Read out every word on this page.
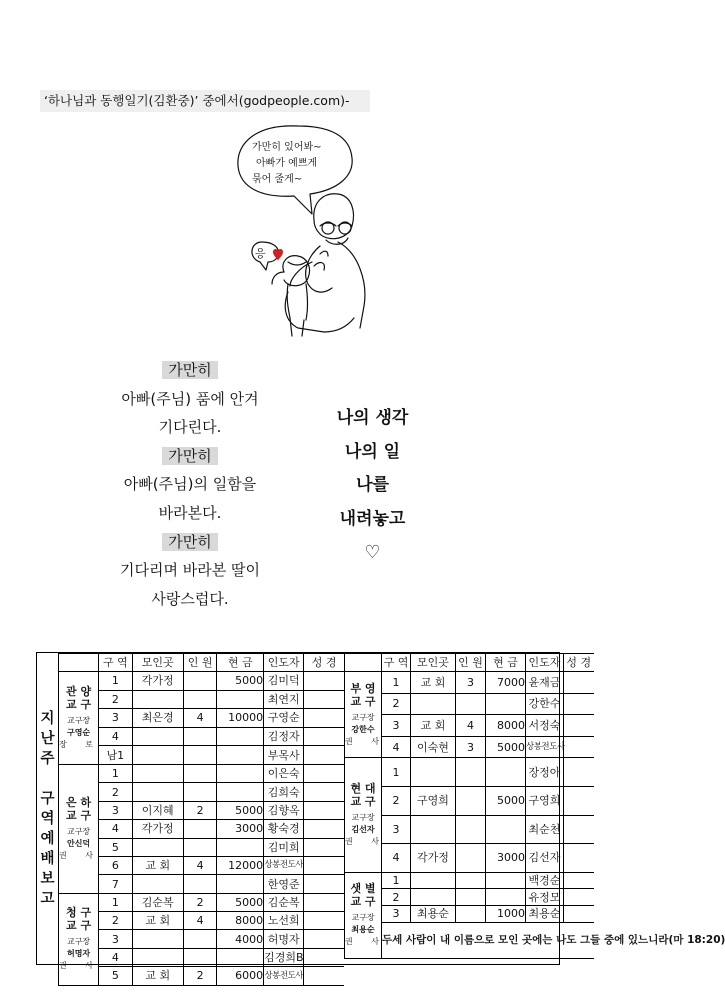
‘하나님과 동행일기(김환중)’ 중에서(godpeople.com)-
가만히 있어봐~
아빠가 예쁘게
묶어 줄게~
응
가만히
아빠(주님) 품에 안겨
기다린다.
가만히
아빠(주님)의 일함을
바라본다.
가만히
기다리며 바라본 딸이
사랑스럽다.
나의 생각
나의 일
나를
내려놓고
♡
지
난
주
구
역
예
배
보
고
	구 역	모인곳	인 원	현 금	인도자	성 경

관 양
교 구
교구장
구영순
장 로	1	각가정		5000	김미덕	
	2				최연지	
	3	최은경	4	10000	구영순	
	4				김정자	
	남1				부목사	

은 하
교 구
교구장
안신덕
권 사	1				이은숙	
	2				김희숙	
	3	이지혜	2	5000	김향옥	
	4	각가정		3000	황숙경	
	5				김미희	
	6	교 회	4	12000	상봉전도사	
	7				한영준	

청 구
교 구
교구장
허명자
권 사	1	김순복	2	5000	김순복	
	2	교 회	4	8000	노선희	
	3			4000	허명자	
	4				김경희B	
	5	교 회	2	6000	상봉전도사	
	구 역	모인곳	인 원	현 금	인도자	성 경

부 영
교 구
교구장
강한수
권 사	1	교 회	3	7000	윤재금	
	2				강한수	
	3	교 회	4	8000	서정숙	
	4	이숙현	3	5000	상봉전도사	

현 대
교 구
교구장
김선자
권 사	1				장정아	
	2	구영희		5000	구영희	
	3				최순천	
	4	각가정		3000	김선자	

샛 별
교 구
교구장
최용순
권 사	1				백경순	
	2				유정모	
	3	최용순		1000	최용순	
	두세 사람이 내 이름으로 모인 곳에는 나도 그들 중에 있느니라(마 18:20)					
